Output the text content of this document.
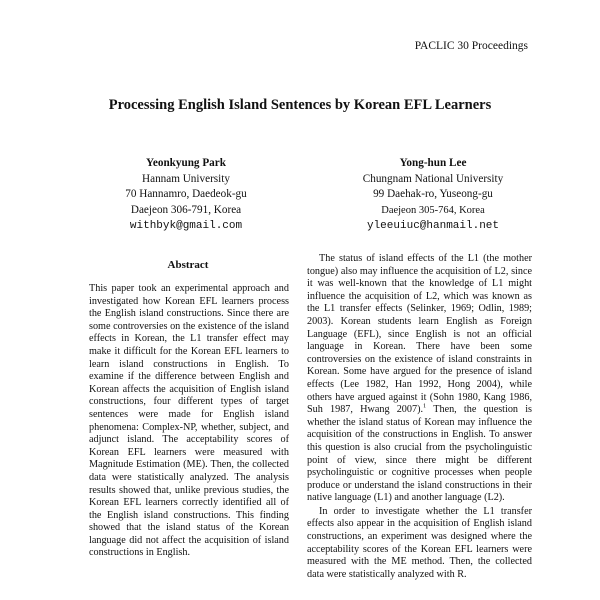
PACLIC 30 Proceedings
Processing English Island Sentences by Korean EFL Learners
Yeonkyung Park
Hannam University
70 Hannamro, Daedeok-gu
Daejeon 306-791, Korea
withbyk@gmail.com
Yong-hun Lee
Chungnam National University
99 Daehak-ro, Yuseong-gu
Daejeon 305-764, Korea
yleeuiuc@hanmail.net
Abstract
This paper took an experimental approach and investigated how Korean EFL learners process the English island constructions. Since there are some controversies on the existence of the island effects in Korean, the L1 transfer effect may make it difficult for the Korean EFL learners to learn island constructions in English. To examine if the difference between English and Korean affects the acquisition of English island constructions, four different types of target sentences were made for English island phenomena: Complex-NP, whether, subject, and adjunct island. The acceptability scores of Korean EFL learners were measured with Magnitude Estimation (ME). Then, the collected data were statistically analyzed. The analysis results showed that, unlike previous studies, the Korean EFL learners correctly identified all of the English island constructions. This finding showed that the island status of the Korean language did not affect the acquisition of island constructions in English.

The status of island effects of the L1 (the mother tongue) also may influence the acquisition of L2, since it was well-known that the knowledge of L1 might influence the acquisition of L2, which was known as the L1 transfer effects (Selinker, 1969; Odlin, 1989; 2003). Korean students learn English as Foreign Language (EFL), since English is not an official language in Korean. There have been some controversies on the existence of island constraints in Korean. Some have argued for the presence of island effects (Lee 1982, Han 1992, Hong 2004), while others have argued against it (Sohn 1980, Kang 1986, Suh 1987, Hwang 2007).$^1$ Then, the question is whether the island status of Korean may influence the acquisition of the constructions in English. To answer this question is also crucial from the psycholinguistic point of view, since there might be different psycholinguistic or cognitive processes when people produce or understand the island constructions in their native language (L1) and another language (L2).

In order to investigate whether the L1 transfer effects also appear in the acquisition of English island constructions, an experiment was designed where the acceptability scores of the Korean EFL learners were measured with the ME method. Then, the collected data were statistically analyzed with R.
